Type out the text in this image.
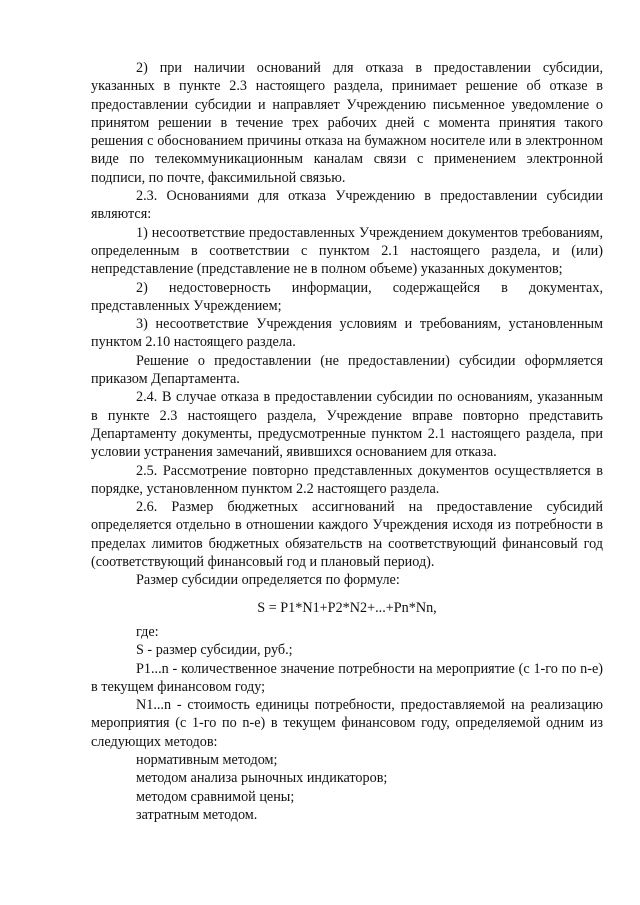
2) при наличии оснований для отказа в предоставлении субсидии, указанных в пункте 2.3 настоящего раздела, принимает решение об отказе в предоставлении субсидии и направляет Учреждению письменное уведомление о принятом решении в течение трех рабочих дней с момента принятия такого решения с обоснованием причины отказа на бумажном носителе или в электронном виде по телекоммуникационным каналам связи с применением электронной подписи, по почте, факсимильной связью.

2.3. Основаниями для отказа Учреждению в предоставлении субсидии являются:

1) несоответствие предоставленных Учреждением документов требованиям, определенным в соответствии с пунктом 2.1 настоящего раздела, и (или) непредставление (представление не в полном объеме) указанных документов;

2) недостоверность информации, содержащейся в документах, представленных Учреждением;

3) несоответствие Учреждения условиям и требованиям, установленным пунктом 2.10 настоящего раздела.

Решение о предоставлении (не предоставлении) субсидии оформляется приказом Департамента.

2.4. В случае отказа в предоставлении субсидии по основаниям, указанным в пункте 2.3 настоящего раздела, Учреждение вправе повторно представить Департаменту документы, предусмотренные пунктом 2.1 настоящего раздела, при условии устранения замечаний, явившихся основанием для отказа.

2.5. Рассмотрение повторно представленных документов осуществляется в порядке, установленном пунктом 2.2 настоящего раздела.

2.6. Размер бюджетных ассигнований на предоставление субсидий определяется отдельно в отношении каждого Учреждения исходя из потребности в пределах лимитов бюджетных обязательств на соответствующий финансовый год (соответствующий финансовый год и плановый период).

Размер субсидии определяется по формуле:

S = P1*N1+P2*N2+...+Pn*Nn,

где:

S - размер субсидии, руб.;

P1...n - количественное значение потребности на мероприятие (с 1-го по n-е) в текущем финансовом году;

N1...n - стоимость единицы потребности, предоставляемой на реализацию мероприятия (с 1-го по n-е) в текущем финансовом году, определяемой одним из следующих методов:

нормативным методом;

методом анализа рыночных индикаторов;

методом сравнимой цены;

затратным методом.
